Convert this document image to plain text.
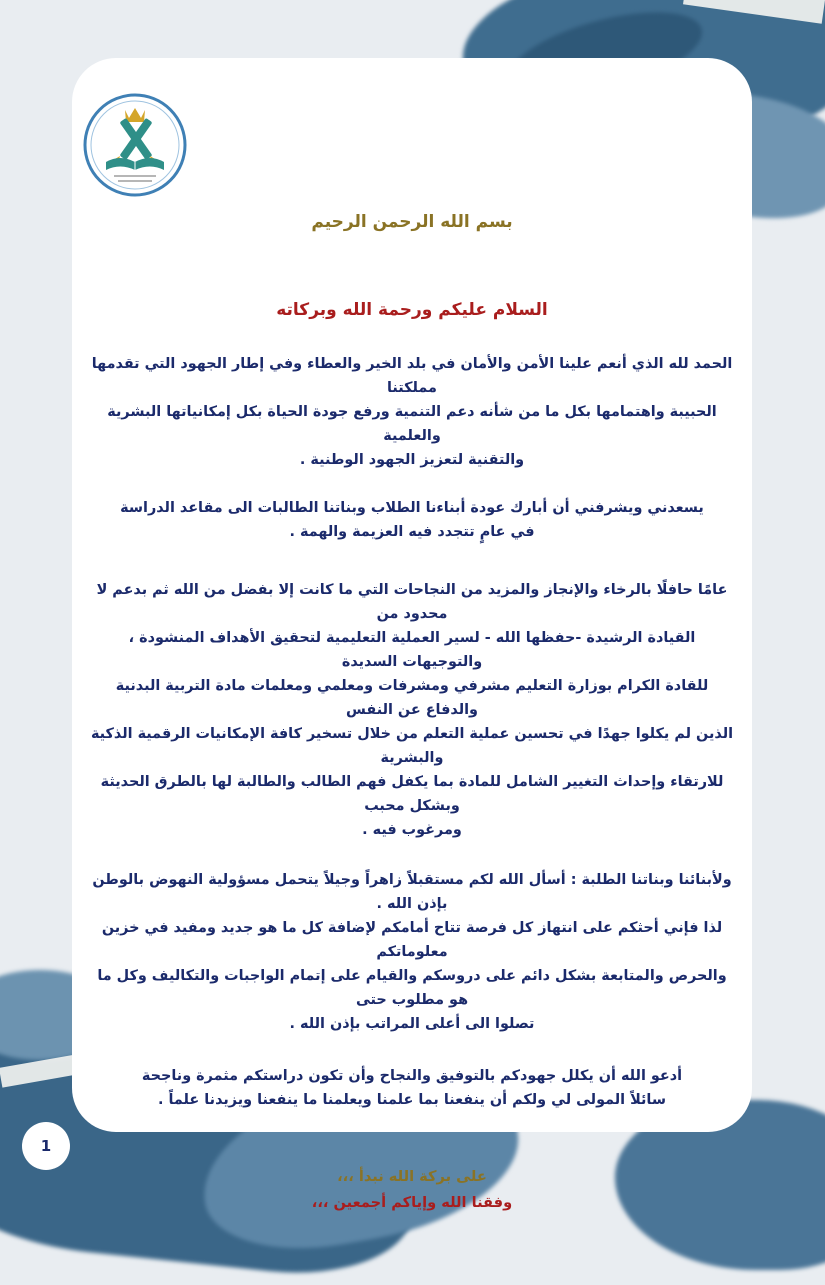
بسم الله الرحمن الرحيم

السلام عليكم ورحمة الله وبركاته

الحمد لله الذي أنعم علينا الأمن والأمان في بلد الخير والعطاء وفي إطار الجهود التي تقدمها مملكتنا
الحبيبة واهتمامها بكل ما من شأنه دعم التنمية ورفع جودة الحياة بكل إمكانياتها البشرية والعلمية
والتقنية لتعزيز الجهود الوطنية .

يسعدني ويشرفني أن أبارك عودة أبناءنا الطلاب وبناتنا الطالبات الى مقاعد الدراسة
في عامٍ تتجدد فيه العزيمة والهمة .

عامًا حافلًا بالرخاء والإنجاز والمزيد من النجاحات التي ما كانت إلا بفضل من الله ثم بدعم لا محدود من
القيادة الرشيدة -حفظها الله - لسير العملية التعليمية لتحقيق الأهداف المنشودة ، والتوجيهات السديدة
للقادة الكرام بوزارة التعليم مشرفي ومشرفات ومعلمي ومعلمات مادة التربية البدنية والدفاع عن النفس
الذين لم يكلوا جهدًا في تحسين عملية التعلم من خلال تسخير كافة الإمكانيات الرقمية الذكية والبشرية
للارتقاء وإحداث التغيير الشامل للمادة بما يكفل فهم الطالب والطالبة لها بالطرق الحديثة وبشكل محبب
ومرغوب فيه .

ولأبنائنا وبناتنا الطلبة : أسأل الله لكم مستقبلاً زاهراً وجيلاً يتحمل مسؤولية النهوض بالوطن بإذن الله .
لذا فإني أحثكم على انتهاز كل فرصة تتاح أمامكم لإضافة كل ما هو جديد ومفيد في خزين معلوماتكم
والحرص والمتابعة بشكل دائم على دروسكم والقيام على إتمام الواجبات والتكاليف وكل ما هو مطلوب حتى
تصلوا الى أعلى المراتب بإذن الله .

أدعو الله أن يكلل جهودكم بالتوفيق والنجاح وأن تكون دراستكم مثمرة وناجحة
سائلاً المولى لي ولكم أن ينفعنا بما علمنا ويعلمنا ما ينفعنا ويزيدنا علماً .

على بركة الله نبدأ ،،،

وفقنا الله وإياكم أجمعين ،،،

1
